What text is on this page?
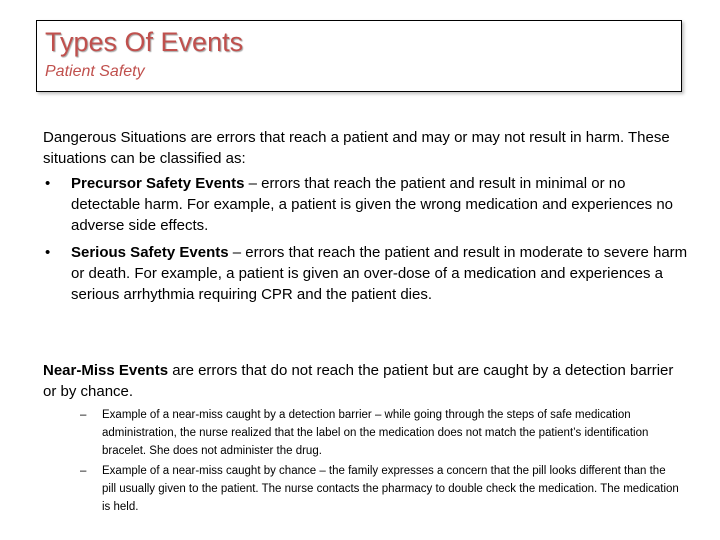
Types Of Events
Patient Safety

Dangerous Situations are errors that reach a patient and may or may not result in harm. These situations can be classified as:

• Precursor Safety Events – errors that reach the patient and result in minimal or no detectable harm. For example, a patient is given the wrong medication and experiences no adverse side effects.
• Serious Safety Events – errors that reach the patient and result in moderate to severe harm or death. For example, a patient is given an over-dose of a medication and experiences a serious arrhythmia requiring CPR and the patient dies.

Near-Miss Events are errors that do not reach the patient but are caught by a detection barrier or by chance.

– Example of a near-miss caught by a detection barrier – while going through the steps of safe medication administration, the nurse realized that the label on the medication does not match the patient’s identification bracelet. She does not administer the drug.
– Example of a near-miss caught by chance – the family expresses a concern that the pill looks different than the pill usually given to the patient. The nurse contacts the pharmacy to double check the medication. The medication is held.
